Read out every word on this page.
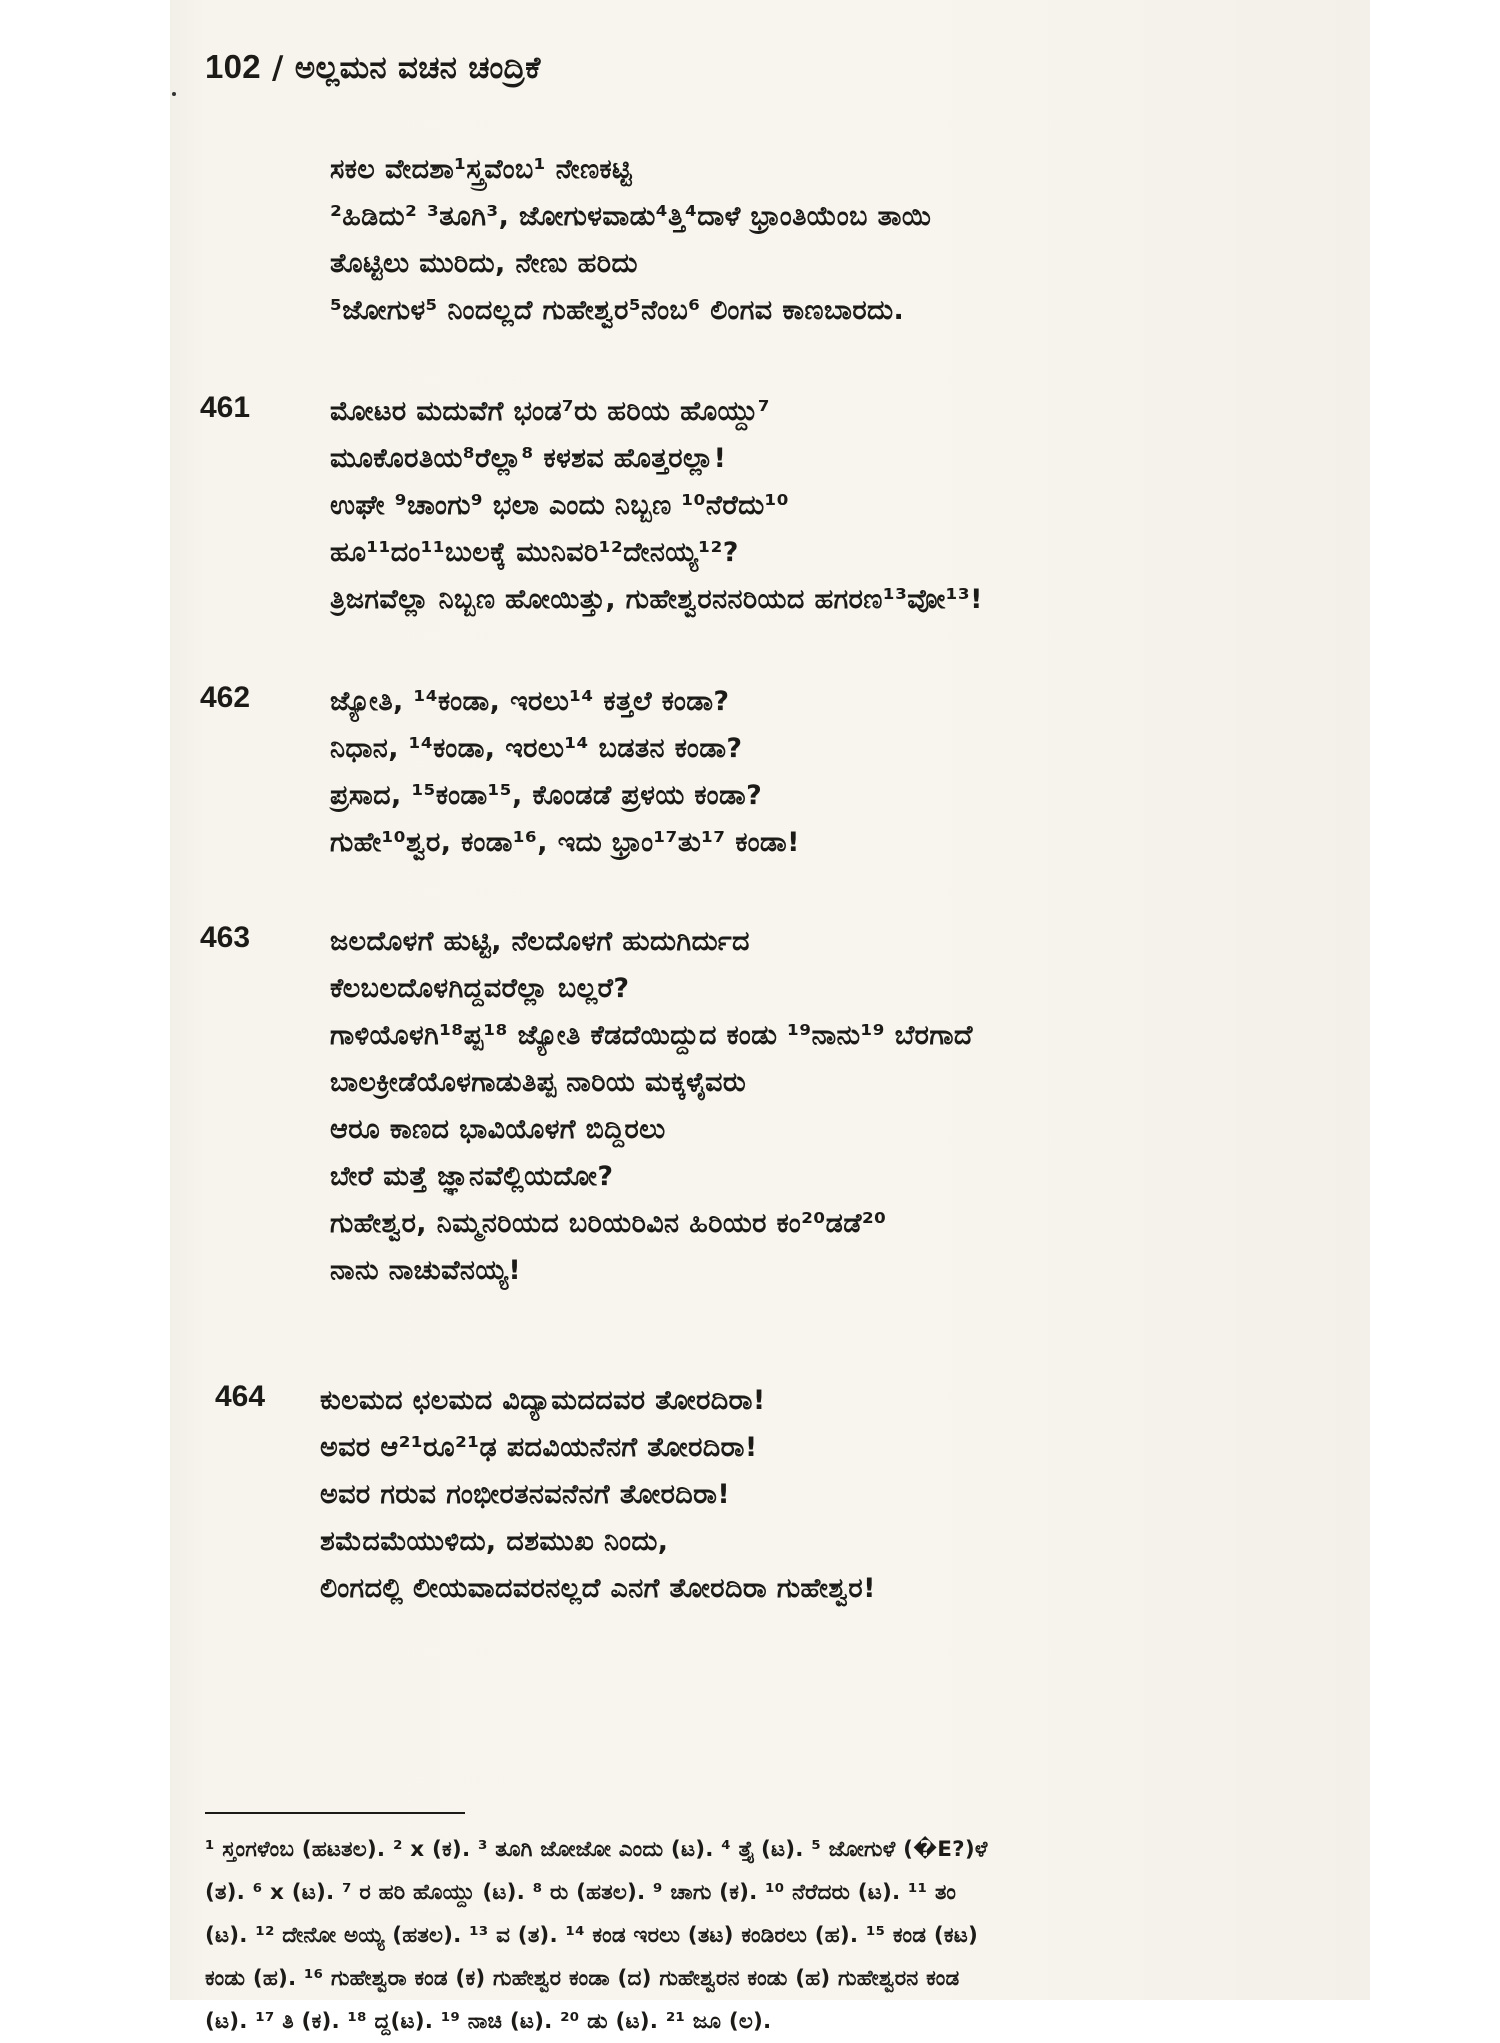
102 / ಅಲ್ಲಮನ ವಚನ ಚಂದ್ರಿಕೆ
ಸಕಲ ವೇದಶಾ¹ಸ್ತ್ರವೆಂಬ¹ ನೇಣಕಟ್ಟಿ
²ಹಿಡಿದು² ³ತೂಗಿ³, ಜೋಗುಳವಾಡು⁴ತ್ತಿ⁴ದಾಳೆ ಭ್ರಾಂತಿಯೆಂಬ ತಾಯಿ
ತೊಟ್ಟಿಲು ಮುರಿದು, ನೇಣು ಹರಿದು
⁵ಜೋಗುಳ⁵ ನಿಂದಲ್ಲದೆ ಗುಹೇಶ್ವರ⁵ನೆಂಬ⁶ ಲಿಂಗವ ಕಾಣಬಾರದು.
461	ಮೋಟರ ಮದುವೆಗೆ ಭಂಡ⁷ರು ಹರಿಯ ಹೊಯ್ದು⁷
ಮೂಕೊರತಿಯ⁸ರೆಲ್ಲಾ⁸ ಕಳಶವ ಹೊತ್ತರಲ್ಲಾ!
ಉಘೇ ⁹ಚಾಂಗು⁹ ಭಲಾ ಎಂದು ನಿಬ್ಬಣ ¹⁰ನೆರೆದು¹⁰
ಹೂ¹¹ದಂ¹¹ಬುಲಕ್ಕೆ ಮುನಿವರಿ¹²ದೇನಯ್ಯ¹²?
ತ್ರಿಜಗವೆಲ್ಲಾ ನಿಬ್ಬಣ ಹೋಯಿತ್ತು, ಗುಹೇಶ್ವರನನರಿಯದ ಹಗರಣ¹³ವೋ¹³!
462	ಜ್ಯೋತಿ, ¹⁴ಕಂಡಾ, ಇರಲು¹⁴ ಕತ್ತಲೆ ಕಂಡಾ?
ನಿಧಾನ, ¹⁴ಕಂಡಾ, ಇರಲು¹⁴ ಬಡತನ ಕಂಡಾ?
ಪ್ರಸಾದ, ¹⁵ಕಂಡಾ¹⁵, ಕೊಂಡಡೆ ಪ್ರಳಯ ಕಂಡಾ?
ಗುಹೇ¹⁰ಶ್ವರ, ಕಂಡಾ¹⁶, ಇದು ಭ್ರಾಂ¹⁷ತು¹⁷ ಕಂಡಾ!
463	ಜಲದೊಳಗೆ ಹುಟ್ಟಿ, ನೆಲದೊಳಗೆ ಹುದುಗಿರ್ದುದ
ಕೆಲಬಲದೊಳಗಿದ್ದವರೆಲ್ಲಾ ಬಲ್ಲರೆ?
ಗಾಳಿಯೊಳಗಿ¹⁸ಪ್ಪ¹⁸ ಜ್ಯೋತಿ ಕೆಡದೆಯಿದ್ದುದ ಕಂಡು ¹⁹ನಾನು¹⁹ ಬೆರಗಾದೆ
ಬಾಲಕ್ರೀಡೆಯೊಳಗಾಡುತಿಪ್ಪ ನಾರಿಯ ಮಕ್ಕಳೈವರು
ಆರೂ ಕಾಣದ ಭಾವಿಯೊಳಗೆ ಬಿದ್ದಿರಲು
ಬೇರೆ ಮತ್ತೆ ಜ್ಞಾನವೆಲ್ಲಿಯದೋ?
ಗುಹೇಶ್ವರ, ನಿಮ್ಮನರಿಯದ ಬರಿಯರಿವಿನ ಹಿರಿಯರ ಕಂ²⁰ಡಡೆ²⁰
ನಾನು ನಾಚುವೆನಯ್ಯ!
464 ಕುಲಮದ ಛಲಮದ ವಿದ್ಯಾಮದದವರ ತೋರದಿರಾ!
ಅವರ ಆ²¹ರೂ²¹ಢ ಪದವಿಯನೆನಗೆ ತೋರದಿರಾ!
ಅವರ ಗರುವ ಗಂಭೀರತನವನೆನಗೆ ತೋರದಿರಾ!
ಶಮೆದಮೆಯುಳಿದು, ದಶಮುಖ ನಿಂದು,
ಲಿಂಗದಲ್ಲಿ ಲೀಯವಾದವರನಲ್ಲದೆ ಎನಗೆ ತೋರದಿರಾ ಗುಹೇಶ್ವರ!
¹ ಸ್ತಂಗಳೆಂಬ (ಹಟತಲ). ² x (ಕ). ³ ತೂಗಿ ಜೋಜೋ ಎಂದು (ಟ). ⁴ ತ್ತೈ (ಟ). ⁵ ಜೋಗುಳೆ (�E?)ಳೆ
(ತ). ⁶ x (ಟ). ⁷ ರ ಹರಿ ಹೊಯ್ದು (ಟ). ⁸ ರು (ಹತಲ). ⁹ ಚಾಗು (ಕ). ¹⁰ ನೆರೆದರು (ಟ). ¹¹ ತಂ
(ಟ). ¹² ದೇನೋ ಅಯ್ಯ (ಹತಲ). ¹³ ವ (ತ). ¹⁴ ಕಂಡ ಇರಲು (ತಟ) ಕಂಡಿರಲು (ಹ). ¹⁵ ಕಂಡ (ಕಟ)
ಕಂಡು (ಹ). ¹⁶ ಗುಹೇಶ್ವರಾ ಕಂಡ (ಕ) ಗುಹೇಶ್ವರ ಕಂಡಾ (ದ) ಗುಹೇಶ್ವರನ ಕಂಡು (ಹ) ಗುಹೇಶ್ವರನ ಕಂಡ
(ಟ). ¹⁷ ತಿ (ಕ). ¹⁸ ದ್ದ(ಟ). ¹⁹ ನಾಚಿ (ಟ). ²⁰ ಡು (ಟ). ²¹ ಜೂ (ಲ).
